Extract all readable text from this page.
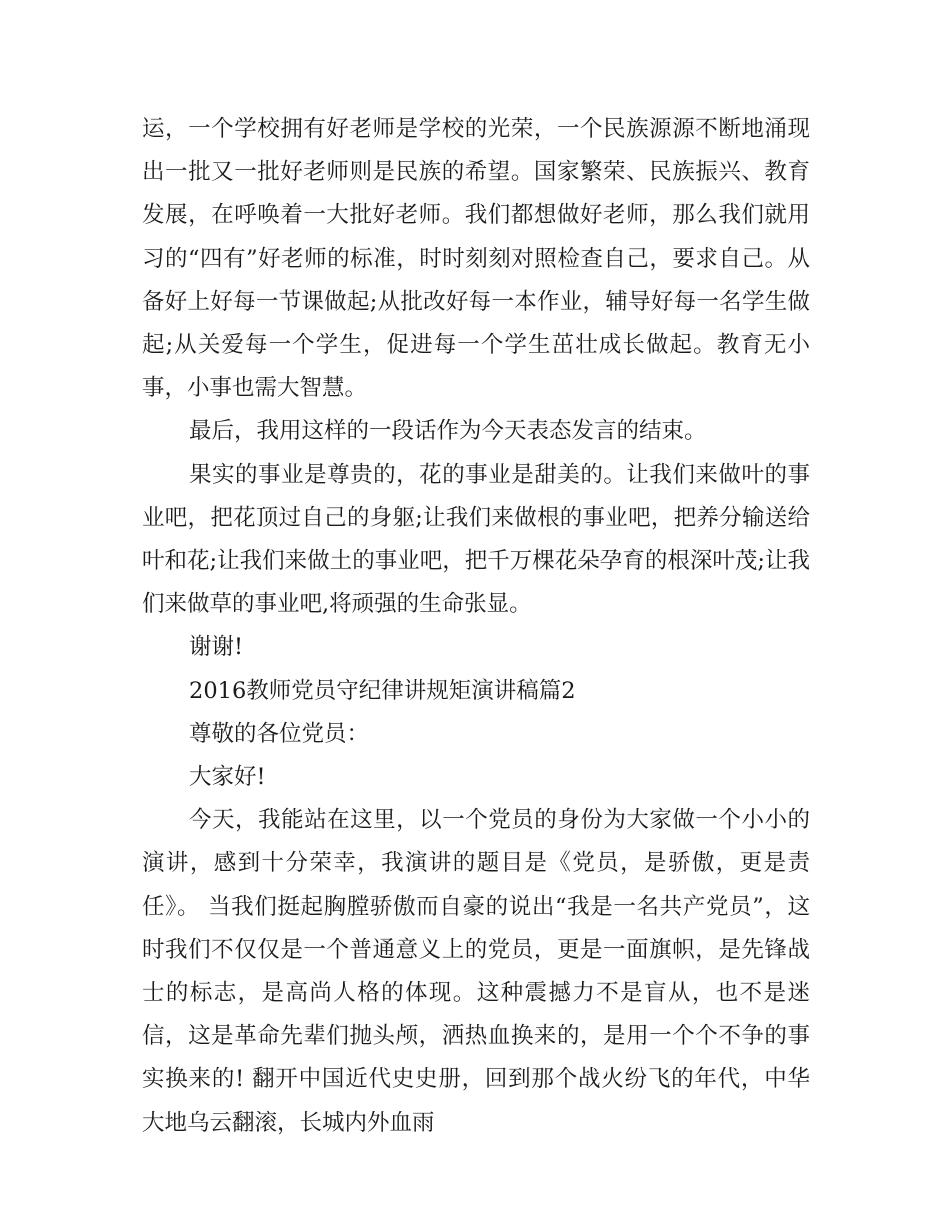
运，一个学校拥有好老师是学校的光荣，一个民族源源不断地涌现出一批又一批好老师则是民族的希望。国家繁荣、民族振兴、教育发展，在呼唤着一大批好老师。我们都想做好老师，那么我们就用习的“四有”好老师的标准，时时刻刻对照检查自己，要求自己。从备好上好每一节课做起;从批改好每一本作业，辅导好每一名学生做起;从关爱每一个学生，促进每一个学生茁壮成长做起。教育无小事，小事也需大智慧。

最后，我用这样的一段话作为今天表态发言的结束。

果实的事业是尊贵的，花的事业是甜美的。让我们来做叶的事业吧，把花顶过自己的身躯;让我们来做根的事业吧，把养分输送给叶和花;让我们来做土的事业吧，把千万棵花朵孕育的根深叶茂;让我们来做草的事业吧,将顽强的生命张显。

谢谢!

2016教师党员守纪律讲规矩演讲稿篇2

尊敬的各位党员：

大家好!

今天，我能站在这里，以一个党员的身份为大家做一个小小的演讲，感到十分荣幸，我演讲的题目是《党员，是骄傲，更是责任》。 当我们挺起胸膛骄傲而自豪的说出“我是一名共产党员”，这时我们不仅仅是一个普通意义上的党员，更是一面旗帜，是先锋战士的标志，是高尚人格的体现。这种震撼力不是盲从，也不是迷信，这是革命先辈们抛头颅，洒热血换来的，是用一个个不争的事实换来的! 翻开中国近代史史册，回到那个战火纷飞的年代，中华大地乌云翻滚，长城内外血雨
